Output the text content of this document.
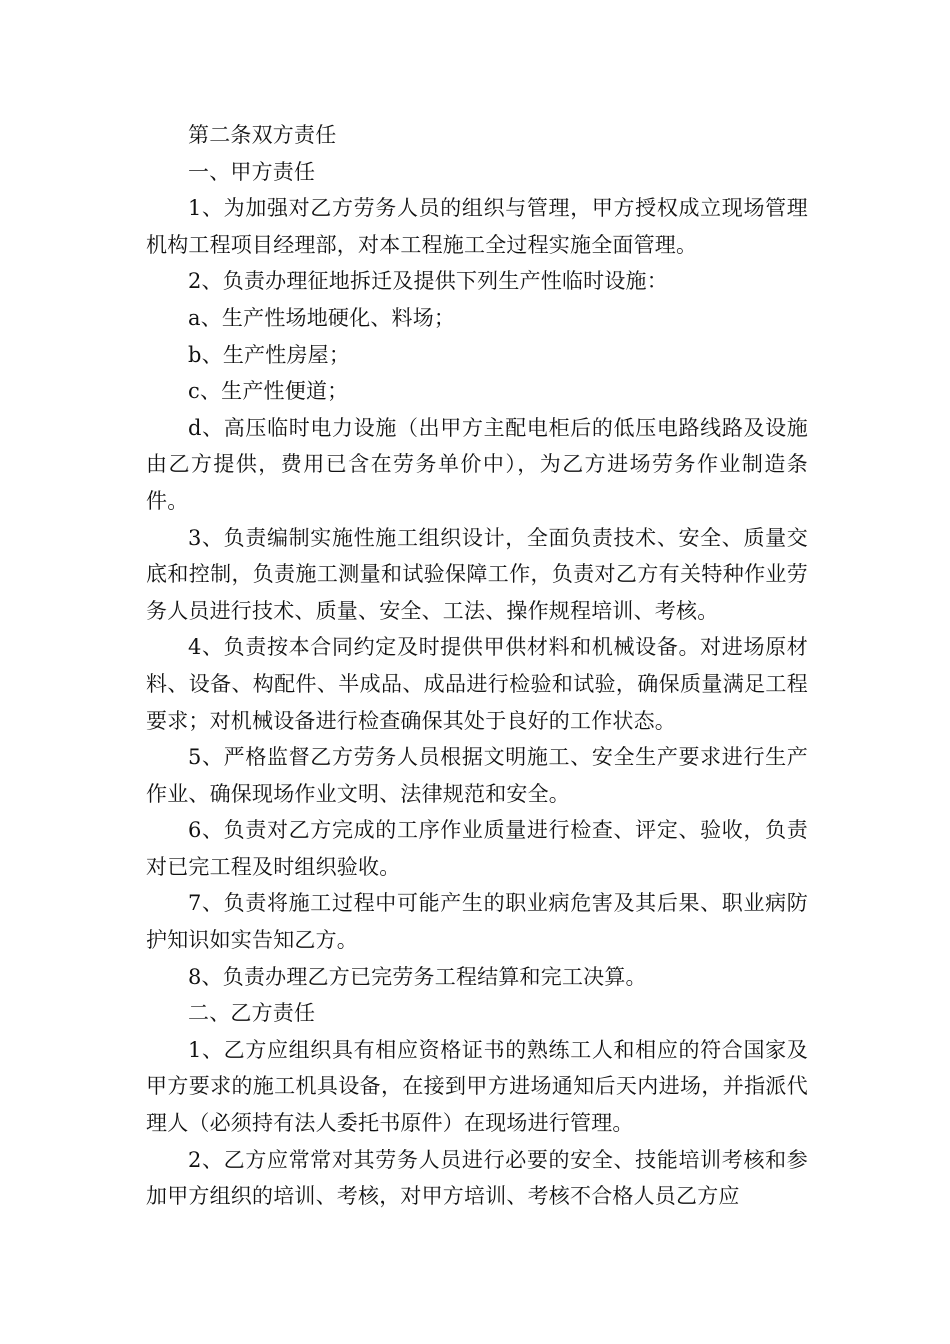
第二条双方责任

一、甲方责任

1、为加强对乙方劳务人员的组织与管理，甲方授权成立现场管理机构工程项目经理部，对本工程施工全过程实施全面管理。

2、负责办理征地拆迁及提供下列生产性临时设施：

a、生产性场地硬化、料场；

b、生产性房屋；

c、生产性便道；

d、高压临时电力设施（出甲方主配电柜后的低压电路线路及设施由乙方提供，费用已含在劳务单价中），为乙方进场劳务作业制造条件。

3、负责编制实施性施工组织设计，全面负责技术、安全、质量交底和控制，负责施工测量和试验保障工作，负责对乙方有关特种作业劳务人员进行技术、质量、安全、工法、操作规程培训、考核。

4、负责按本合同约定及时提供甲供材料和机械设备。对进场原材料、设备、构配件、半成品、成品进行检验和试验，确保质量满足工程要求；对机械设备进行检查确保其处于良好的工作状态。

5、严格监督乙方劳务人员根据文明施工、安全生产要求进行生产作业、确保现场作业文明、法律规范和安全。

6、负责对乙方完成的工序作业质量进行检查、评定、验收，负责对已完工程及时组织验收。

7、负责将施工过程中可能产生的职业病危害及其后果、职业病防护知识如实告知乙方。

8、负责办理乙方已完劳务工程结算和完工决算。

二、乙方责任

1、乙方应组织具有相应资格证书的熟练工人和相应的符合国家及甲方要求的施工机具设备，在接到甲方进场通知后天内进场，并指派代理人（必须持有法人委托书原件）在现场进行管理。

2、乙方应常常对其劳务人员进行必要的安全、技能培训考核和参加甲方组织的培训、考核，对甲方培训、考核不合格人员乙方应
